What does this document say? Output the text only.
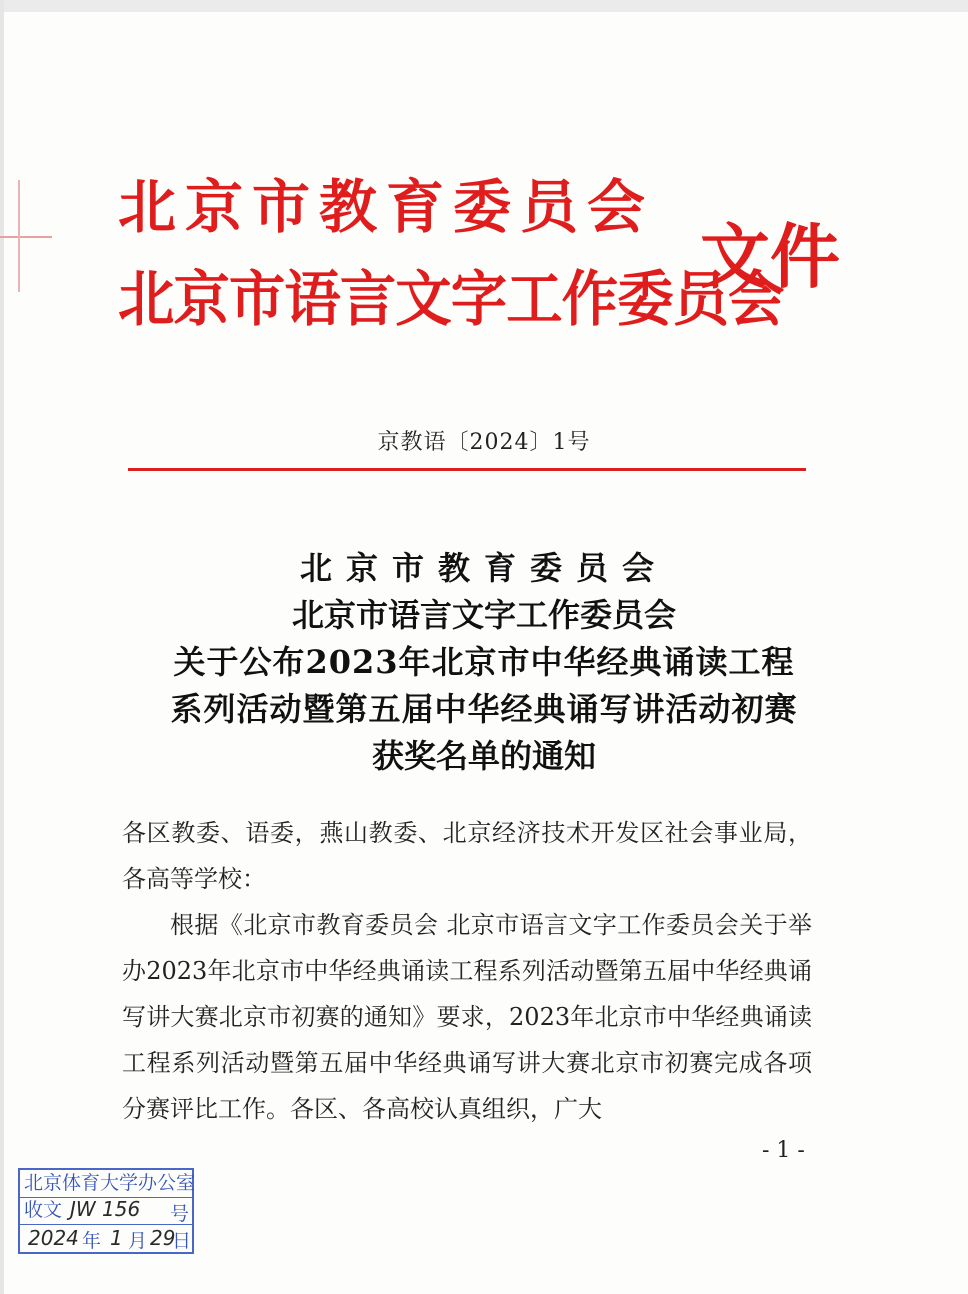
北京市教育委员会
北京市语言文字工作委员会
文件
京教语〔2024〕1号
北京市教育委员会
北京市语言文字工作委员会
关于公布2023年北京市中华经典诵读工程
系列活动暨第五届中华经典诵写讲活动初赛
获奖名单的通知

各区教委、语委，燕山教委、北京经济技术开发区社会事业局，各高等学校：

根据《北京市教育委员会 北京市语言文字工作委员会关于举办2023年北京市中华经典诵读工程系列活动暨第五届中华经典诵写讲大赛北京市初赛的通知》要求，2023年北京市中华经典诵读工程系列活动暨第五届中华经典诵写讲大赛北京市初赛完成各项分赛评比工作。各区、各高校认真组织，广大

- 1 -
北京体育大学办公室
收文 JW 156 号
2024 年 1 月 29
日
